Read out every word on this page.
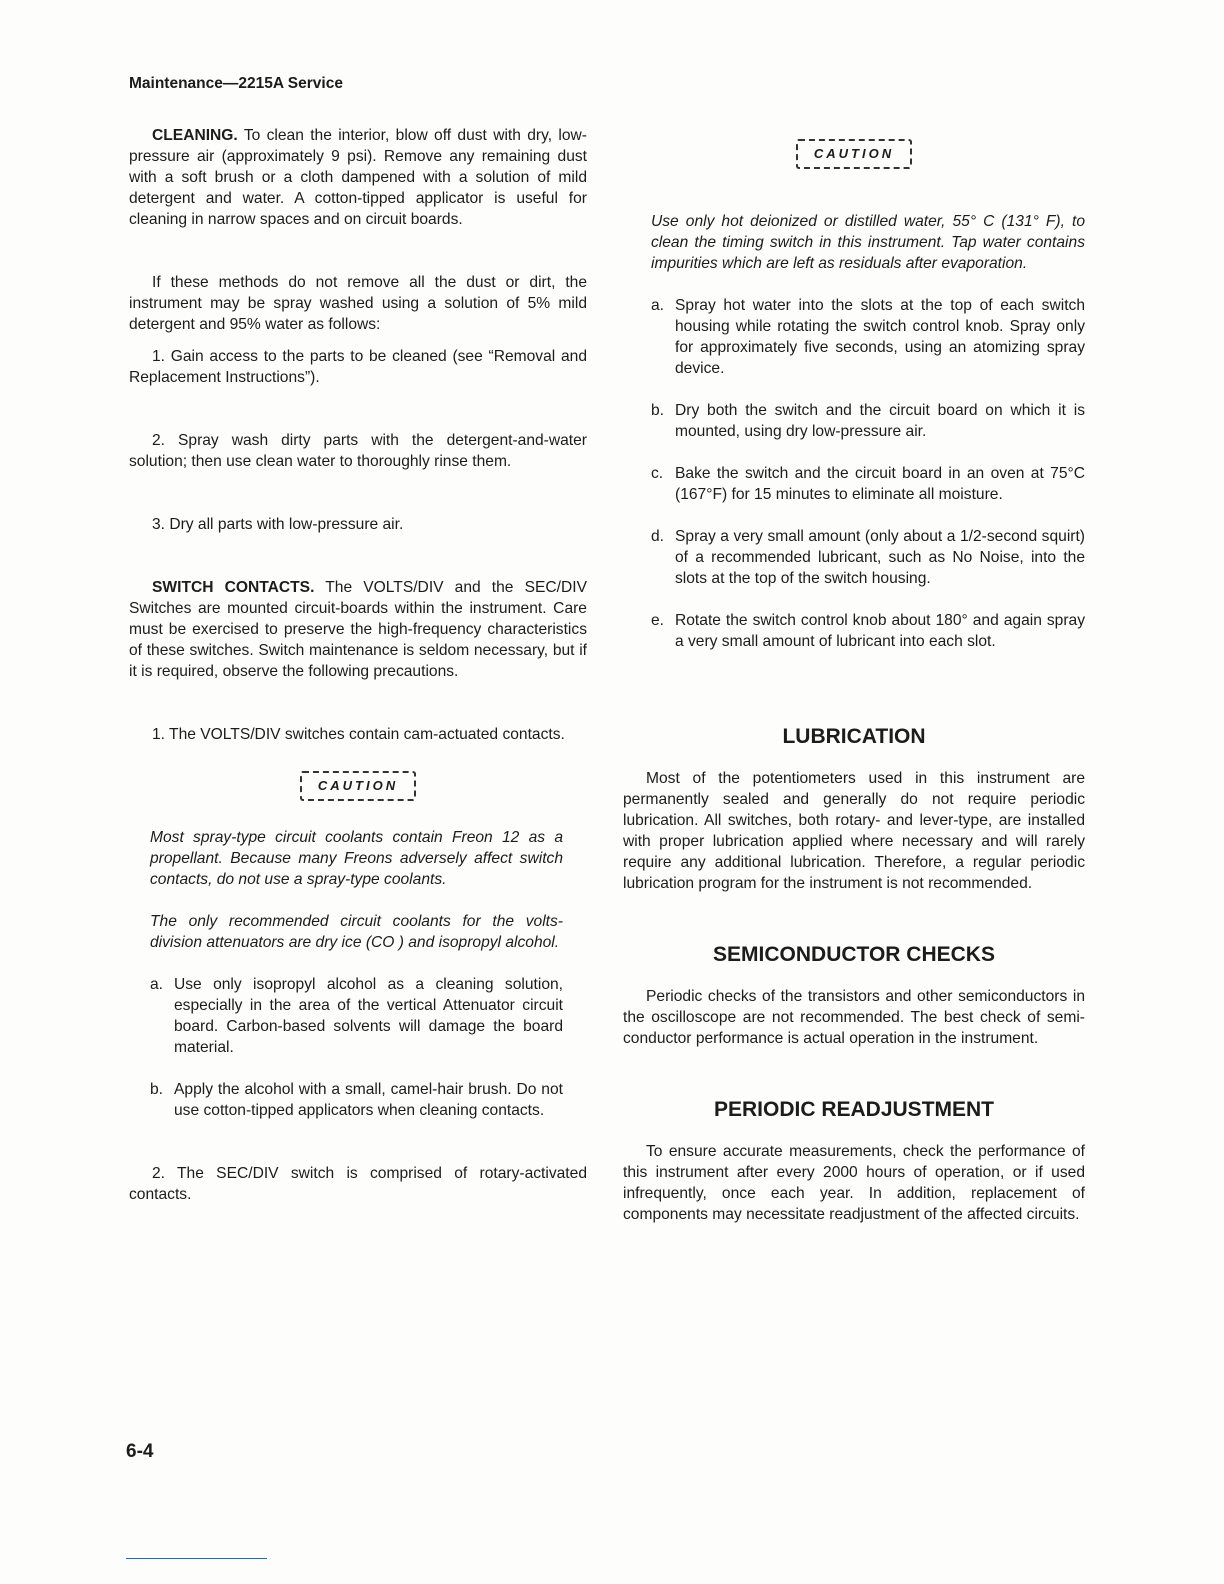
Maintenance—2215A Service

CLEANING. To clean the interior, blow off dust with dry, low-pressure air (approximately 9 psi). Remove any remaining dust with a soft brush or a cloth dampened with a solution of mild detergent and water. A cotton-tipped applicator is useful for cleaning in narrow spaces and on circuit boards.

If these methods do not remove all the dust or dirt, the instrument may be spray washed using a solution of 5% mild detergent and 95% water as follows:

1. Gain access to the parts to be cleaned (see “Removal and Replacement Instructions”).

2. Spray wash dirty parts with the detergent-and-water solution; then use clean water to thoroughly rinse them.

3. Dry all parts with low-pressure air.

SWITCH CONTACTS. The VOLTS/DIV and the SEC/DIV Switches are mounted circuit-boards within the instrument. Care must be exercised to preserve the high-frequency characteristics of these switches. Switch maintenance is seldom necessary, but if it is required, observe the following precautions.

1. The VOLTS/DIV switches contain cam-actuated contacts.

CAUTION

Most spray-type circuit coolants contain Freon 12 as a propellant. Because many Freons adversely affect switch contacts, do not use a spray-type coolants.

The only recommended circuit coolants for the volts-division attenuators are dry ice (CO ) and isopropyl alcohol.

a. Use only isopropyl alcohol as a cleaning solution, especially in the area of the vertical Attenuator circuit board. Carbon-based solvents will damage the board material.
b. Apply the alcohol with a small, camel-hair brush. Do not use cotton-tipped applicators when cleaning contacts.

2. The SEC/DIV switch is comprised of rotary-activated contacts.

CAUTION

Use only hot deionized or distilled water, 55° C (131° F), to clean the timing switch in this instrument. Tap water contains impurities which are left as residuals after evaporation.

a. Spray hot water into the slots at the top of each switch housing while rotating the switch control knob. Spray only for approximately five seconds, using an atomizing spray device.
b. Dry both the switch and the circuit board on which it is mounted, using dry low-pressure air.
c. Bake the switch and the circuit board in an oven at 75°C (167°F) for 15 minutes to eliminate all moisture.
d. Spray a very small amount (only about a 1/2-second squirt) of a recommended lubricant, such as No Noise, into the slots at the top of the switch housing.
e. Rotate the switch control knob about 180° and again spray a very small amount of lubricant into each slot.
LUBRICATION

Most of the potentiometers used in this instrument are permanently sealed and generally do not require periodic lubrication. All switches, both rotary- and lever-type, are installed with proper lubrication applied where necessary and will rarely require any additional lubrication. Therefore, a regular periodic lubrication program for the instrument is not recommended.

SEMICONDUCTOR CHECKS

Periodic checks of the transistors and other semiconductors in the oscilloscope are not recommended. The best check of semi-conductor performance is actual operation in the instrument.

PERIODIC READJUSTMENT

To ensure accurate measurements, check the performance of this instrument after every 2000 hours of operation, or if used infrequently, once each year. In addition, replacement of components may necessitate readjustment of the affected circuits.

6-4
